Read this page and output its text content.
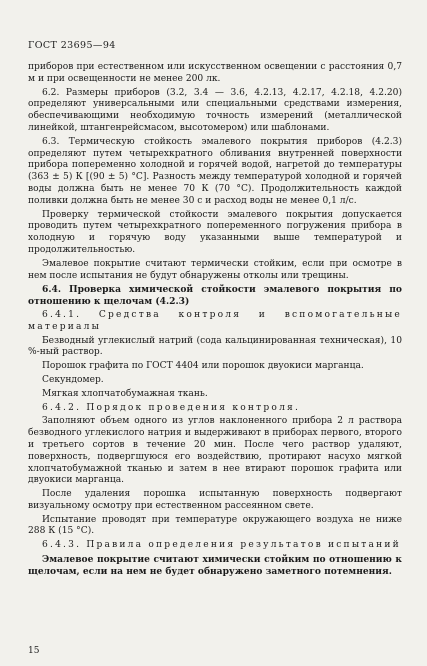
ГОСТ 23695—94

приборов при естественном или искусственном освещении с расстояния 0,7 м и при освещенности не менее 200 лк.

6.2. Размеры приборов (3.2, 3.4 — 3.6, 4.2.13, 4.2.17, 4.2.18, 4.2.20) определяют универсальными или специальными средствами измерения, обеспечивающими необходимую точность измерений (металлической линейкой, штангенрейсмасом, высотомером) или шаблонами.

6.3. Термическую стойкость эмалевого покрытия приборов (4.2.3) определяют путем четырехкратного обливания внутренней поверхности прибора попеременно холодной и горячей водой, нагретой до температуры (363 ± 5) К [(90 ± 5) °С]. Разность между температурой холодной и горячей воды должна быть не менее 70 К (70 °С). Продолжительность каждой поливки должна быть не менее 30 с и расход воды не менее 0,1 л/с.

Проверку термической стойкости эмалевого покрытия допускается проводить путем четырехкратного попеременного погружения прибора в холодную и горячую воду указанными выше температурой и продолжительностью.

Эмалевое покрытие считают термически стойким, если при осмотре в нем после испытания не будут обнаружены отколы или трещины.

6.4. Проверка химической стойкости эмалевого покрытия по отношению к щелочам (4.2.3)

6.4.1. Средства контроля и вспомогательные материалы

Безводный углекислый натрий (сода кальцинированная техническая), 10 %-ный раствор.

Порошок графита по ГОСТ 4404 или порошок двуокиси марганца.

Секундомер.

Мягкая хлопчатобумажная ткань.

6.4.2. Порядок проведения контроля.

Заполняют объем одного из углов наклоненного прибора 2 л раствора безводного углекислого натрия и выдерживают в приборах первого, второго и третьего сортов в течение 20 мин. После чего раствор удаляют, поверхность, подвергшуюся его воздействию, протирают насухо мягкой хлопчатобумажной тканью и затем в нее втирают порошок графита или двуокиси марганца.

После удаления порошка испытанную поверхность подвергают визуальному осмотру при естественном рассеянном свете.

Испытание проводят при температуре окружающего воздуха не ниже 288 К (15 °С).

6.4.3. Правила определения результатов испытаний

Эмалевое покрытие считают химически стойким по отношению к щелочам, если на нем не будет обнаружено заметного потемнения.

15
